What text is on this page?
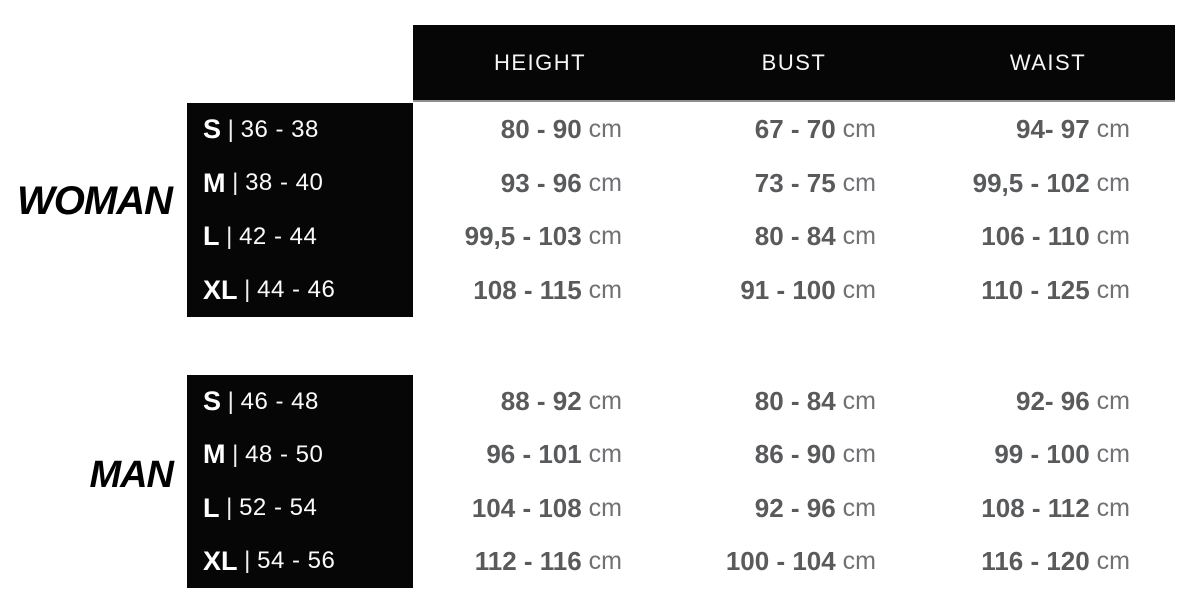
HEIGHT	BUST	WAIST
WOMAN
MAN
S | 36 - 38	80 - 90 cm	67 - 70 cm	94- 97 cm
M | 38 - 40	93 - 96 cm	73 - 75 cm	99,5 - 102 cm
L | 42 - 44	99,5 - 103 cm	80 - 84 cm	106 - 110 cm
XL | 44 - 46	108 - 115 cm	91 - 100 cm	110 - 125 cm
S | 46 - 48	88 - 92 cm	80 - 84 cm	92- 96 cm
M | 48 - 50	96 - 101 cm	86 - 90 cm	99 - 100 cm
L | 52 - 54	104 - 108 cm	92 - 96 cm	108 - 112 cm
XL | 54 - 56	112 - 116 cm	100 - 104 cm	116 - 120 cm
